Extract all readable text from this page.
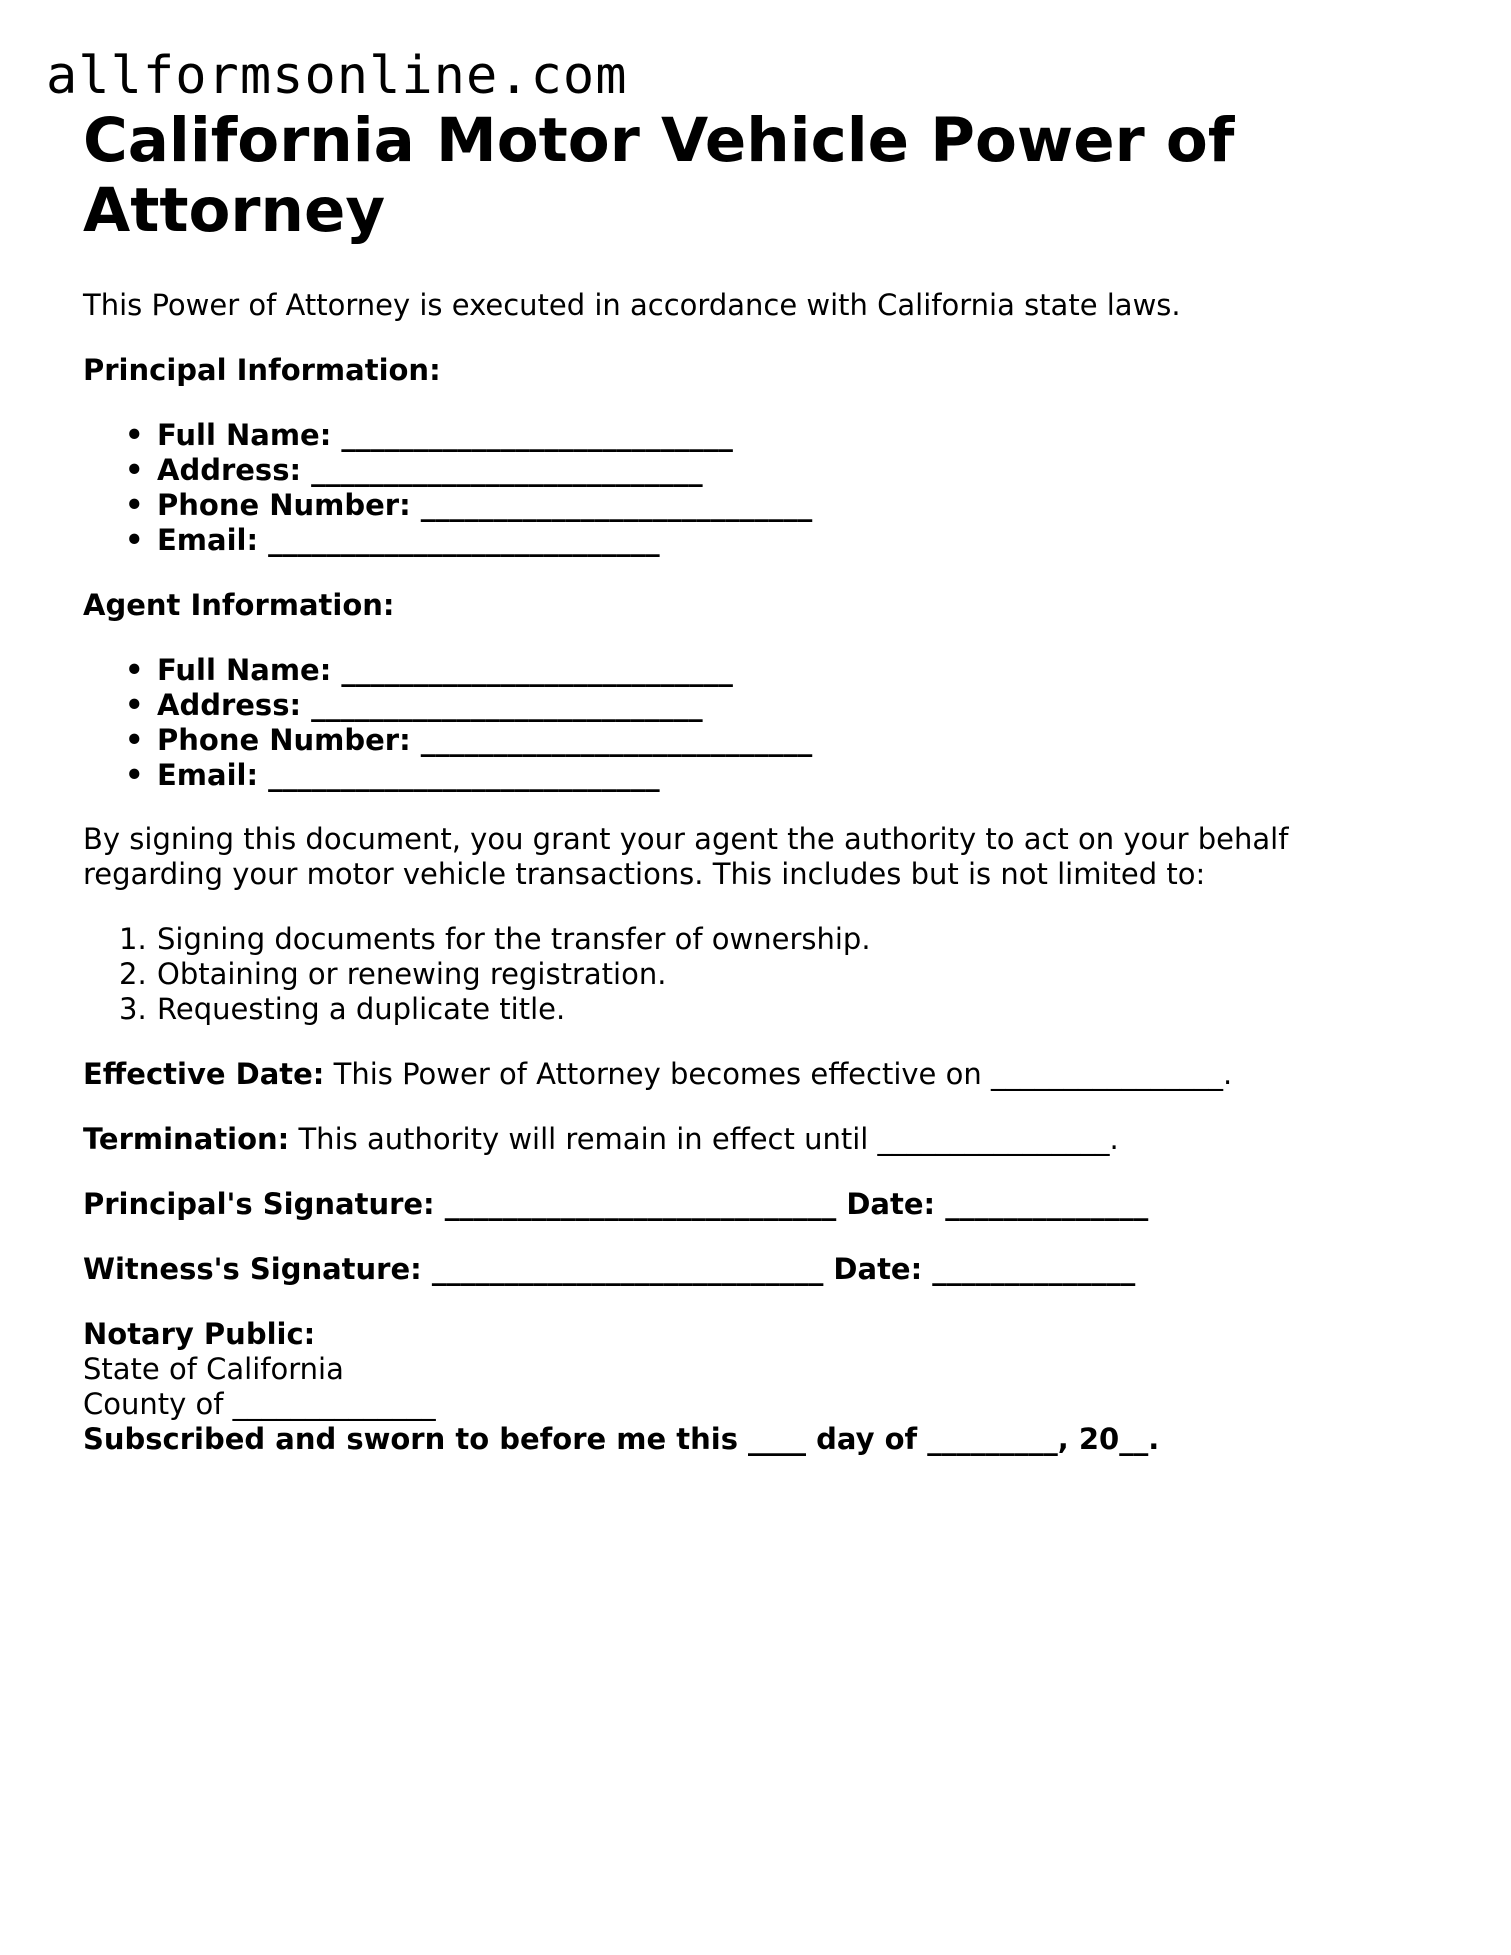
allformsonline.com
California Motor Vehicle Power of Attorney

This Power of Attorney is executed in accordance with California state laws.

Principal Information:

• Full Name: ___________________________
• Address: ___________________________
• Phone Number: ___________________________
• Email: ___________________________

Agent Information:

• Full Name: ___________________________
• Address: ___________________________
• Phone Number: ___________________________
• Email: ___________________________

By signing this document, you grant your agent the authority to act on your behalf regarding your motor vehicle transactions. This includes but is not limited to:

1. Signing documents for the transfer of ownership.
2. Obtaining or renewing registration.
3. Requesting a duplicate title.

Effective Date: This Power of Attorney becomes effective on ________________.

Termination: This authority will remain in effect until ________________.

Principal's Signature: ___________________________ Date: ______________

Witness's Signature: ___________________________ Date: ______________

Notary Public:

State of California

County of ______________

Subscribed and sworn to before me this ____ day of _________, 20__.
